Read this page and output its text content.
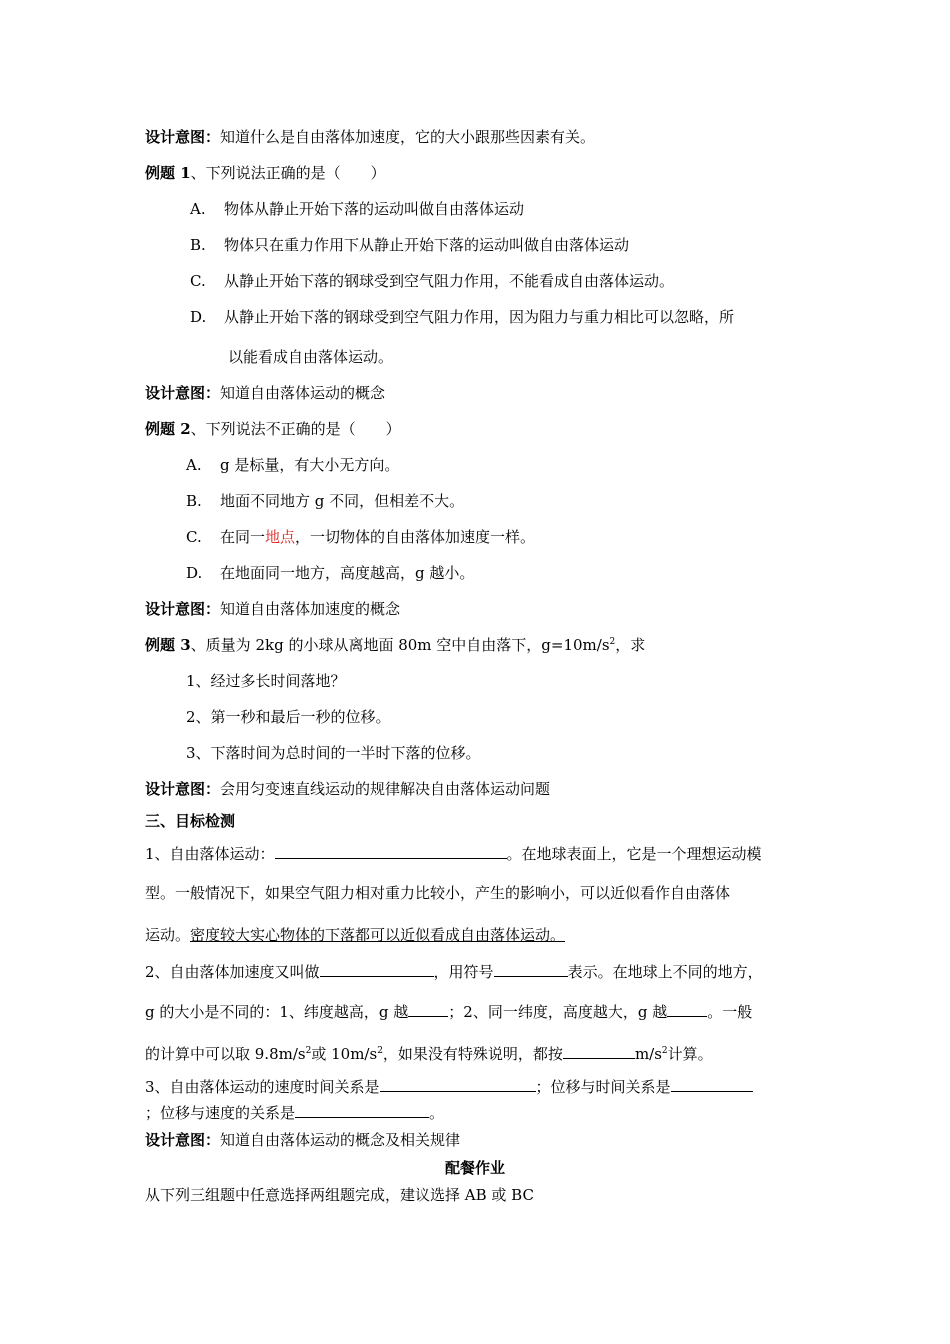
设计意图：知道什么是自由落体加速度，它的大小跟那些因素有关。
例题 1、下列说法正确的是（　　）
A. 物体从静止开始下落的运动叫做自由落体运动
B. 物体只在重力作用下从静止开始下落的运动叫做自由落体运动
C. 从静止开始下落的钢球受到空气阻力作用，不能看成自由落体运动。
D. 从静止开始下落的钢球受到空气阻力作用，因为阻力与重力相比可以忽略，所
以能看成自由落体运动。
设计意图：知道自由落体运动的概念
例题 2、下列说法不正确的是（　　）
A. g 是标量，有大小无方向。
B. 地面不同地方 g 不同，但相差不大。
C. 在同一地点，一切物体的自由落体加速度一样。
D. 在地面同一地方，高度越高，g 越小。
设计意图：知道自由落体加速度的概念
例题 3、质量为 2kg 的小球从离地面 80m 空中自由落下，$g=10m/s^2$，求
1、经过多长时间落地？
2、第一秒和最后一秒的位移。
3、下落时间为总时间的一半时下落的位移。
设计意图：会用匀变速直线运动的规律解决自由落体运动问题
三、目标检测
1、自由落体运动：	。在地球表面上，它是一个理想运动模
型。一般情况下，如果空气阻力相对重力比较小，产生的影响小，可以近似看作自由落体
运动。密度较大实心物体的下落都可以近似看成自由落体运动。
2、自由落体加速度又叫做	，用符号	表示。在地球上不同的地方，
g 的大小是不同的：1、纬度越高，g 越	；2、同一纬度，高度越大，g 越	。一般
的计算中可以取 $9.8m/s^2$或 $10m/s^2$，如果没有特殊说明，都按	$m/s^2$计算。
3、自由落体运动的速度时间关系是	；位移与时间关系是
；位移与速度的关系是	。
设计意图：知道自由落体运动的概念及相关规律
配餐作业
从下列三组题中任意选择两组题完成，建议选择 AB 或 BC
